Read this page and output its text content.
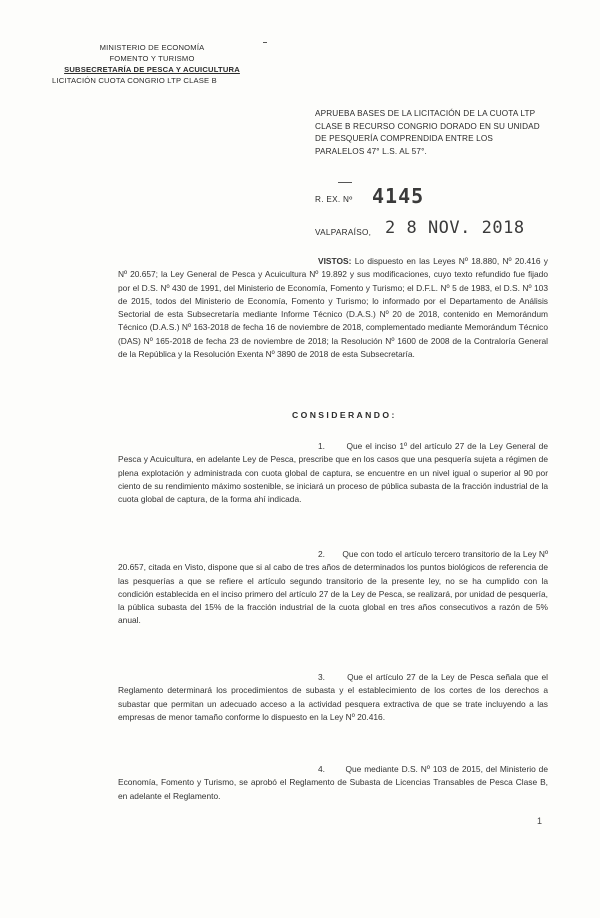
MINISTERIO DE ECONOMÍA
FOMENTO Y TURISMO
SUBSECRETARÍA DE PESCA Y ACUICULTURA
LICITACIÓN CUOTA CONGRIO LTP CLASE B
APRUEBA BASES DE LA LICITACIÓN DE LA CUOTA LTP CLASE B RECURSO CONGRIO DORADO EN SU UNIDAD DE PESQUERÍA COMPRENDIDA ENTRE LOS PARALELOS 47° L.S. AL 57°.
R. EX. Nº 4145
VALPARAÍSO, 2 8 NOV. 2018
VISTOS: Lo dispuesto en las Leyes Nº 18.880, Nº 20.416 y Nº 20.657; la Ley General de Pesca y Acuicultura Nº 19.892 y sus modificaciones, cuyo texto refundido fue fijado por el D.S. Nº 430 de 1991, del Ministerio de Economía, Fomento y Turismo; el D.F.L. Nº 5 de 1983, el D.S. Nº 103 de 2015, todos del Ministerio de Economía, Fomento y Turismo; lo informado por el Departamento de Análisis Sectorial de esta Subsecretaría mediante Informe Técnico (D.A.S.) Nº 20 de 2018, contenido en Memorándum Técnico (D.A.S.) Nº 163-2018 de fecha 16 de noviembre de 2018, complementado mediante Memorándum Técnico (DAS) Nº 165-2018 de fecha 23 de noviembre de 2018; la Resolución Nº 1600 de 2008 de la Contraloría General de la República y la Resolución Exenta Nº 3890 de 2018 de esta Subsecretaría.
CONSIDERANDO:
1.	Que el inciso 1º del artículo 27 de la Ley General de Pesca y Acuicultura, en adelante Ley de Pesca, prescribe que en los casos que una pesquería sujeta a régimen de plena explotación y administrada con cuota global de captura, se encuentre en un nivel igual o superior al 90 por ciento de su rendimiento máximo sostenible, se iniciará un proceso de pública subasta de la fracción industrial de la cuota global de captura, de la forma ahí indicada.
2. Que con todo el artículo tercero transitorio de la Ley Nº 20.657, citada en Visto, dispone que si al cabo de tres años de determinados los puntos biológicos de referencia de las pesquerías a que se refiere el artículo segundo transitorio de la presente ley, no se ha cumplido con la condición establecida en el inciso primero del artículo 27 de la Ley de Pesca, se realizará, por unidad de pesquería, la pública subasta del 15% de la fracción industrial de la cuota global en tres años consecutivos a razón de 5% anual.
3.	Que el artículo 27 de la Ley de Pesca señala que el Reglamento determinará los procedimientos de subasta y el establecimiento de los cortes de los derechos a subastar que permitan un adecuado acceso a la actividad pesquera extractiva de que se trate incluyendo a las empresas de menor tamaño conforme lo dispuesto en la Ley Nº 20.416.
4. Que mediante D.S. Nº 103 de 2015, del Ministerio de Economía, Fomento y Turismo, se aprobó el Reglamento de Subasta de Licencias Transables de Pesca Clase B, en adelante el Reglamento.
1
